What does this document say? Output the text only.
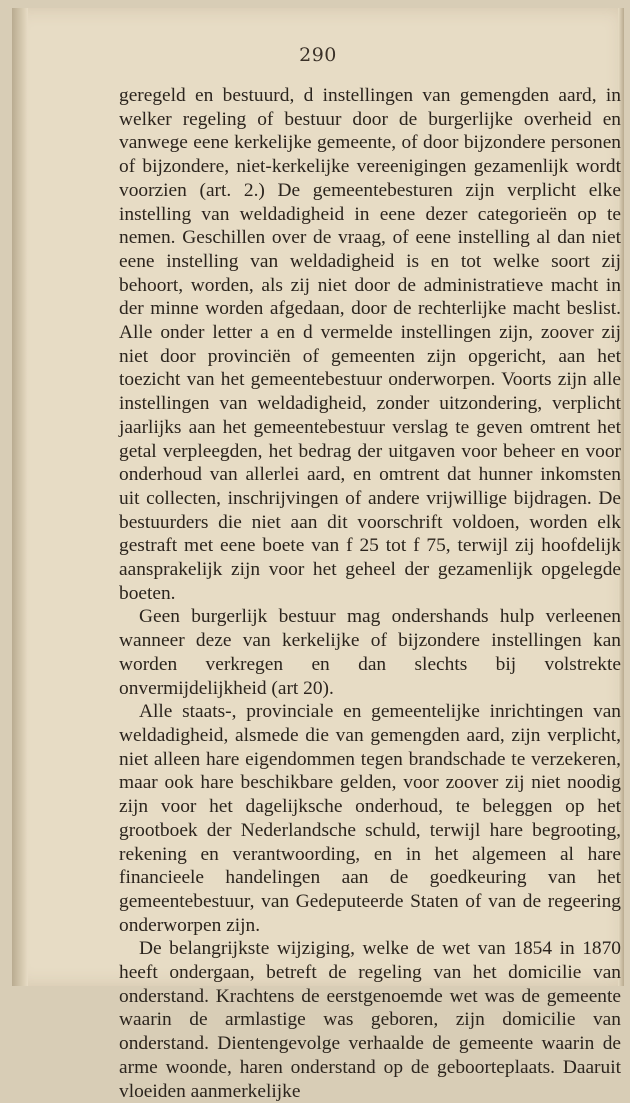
290

geregeld en bestuurd, d instellingen van gemengden aard, in welker regeling of bestuur door de burgerlijke overheid en vanwege eene kerkelijke gemeente, of door bijzondere personen of bijzondere, niet-kerkelijke vereenigingen gezamenlijk wordt voorzien (art. 2.) De gemeentebesturen zijn verplicht elke instelling van weldadigheid in eene dezer categorieën op te nemen. Geschillen over de vraag, of eene instelling al dan niet eene instelling van weldadigheid is en tot welke soort zij behoort, worden, als zij niet door de administratieve macht in der minne worden afgedaan, door de rechterlijke macht beslist. Alle onder letter a en d vermelde instellingen zijn, zoover zij niet door provinciën of gemeenten zijn opgericht, aan het toezicht van het gemeentebestuur onderworpen. Voorts zijn alle instellingen van weldadigheid, zonder uitzondering, verplicht jaarlijks aan het gemeentebestuur verslag te geven omtrent het getal verpleegden, het bedrag der uitgaven voor beheer en voor onderhoud van allerlei aard, en omtrent dat hunner inkomsten uit collecten, inschrijvingen of andere vrijwillige bijdragen. De bestuurders die niet aan dit voorschrift voldoen, worden elk gestraft met eene boete van f 25 tot f 75, terwijl zij hoofdelijk aansprakelijk zijn voor het geheel der gezamenlijk opgelegde boeten.

Geen burgerlijk bestuur mag ondershands hulp verleenen wanneer deze van kerkelijke of bijzondere instellingen kan worden verkregen en dan slechts bij volstrekte onvermijdelijkheid (art 20).

Alle staats-, provinciale en gemeentelijke inrichtingen van weldadigheid, alsmede die van gemengden aard, zijn verplicht, niet alleen hare eigendommen tegen brandschade te verzekeren, maar ook hare beschikbare gelden, voor zoover zij niet noodig zijn voor het dagelijksche onderhoud, te beleggen op het grootboek der Nederlandsche schuld, terwijl hare begrooting, rekening en verantwoording, en in het algemeen al hare financieele handelingen aan de goedkeuring van het gemeentebestuur, van Gedeputeerde Staten of van de regeering onderworpen zijn.

De belangrijkste wijziging, welke de wet van 1854 in 1870 heeft ondergaan, betreft de regeling van het domicilie van onderstand. Krachtens de eerstgenoemde wet was de gemeente waarin de armlastige was geboren, zijn domicilie van onderstand. Dientengevolge verhaalde de gemeente waarin de arme woonde, haren onderstand op de geboorteplaats. Daaruit vloeiden aanmerkelijke
